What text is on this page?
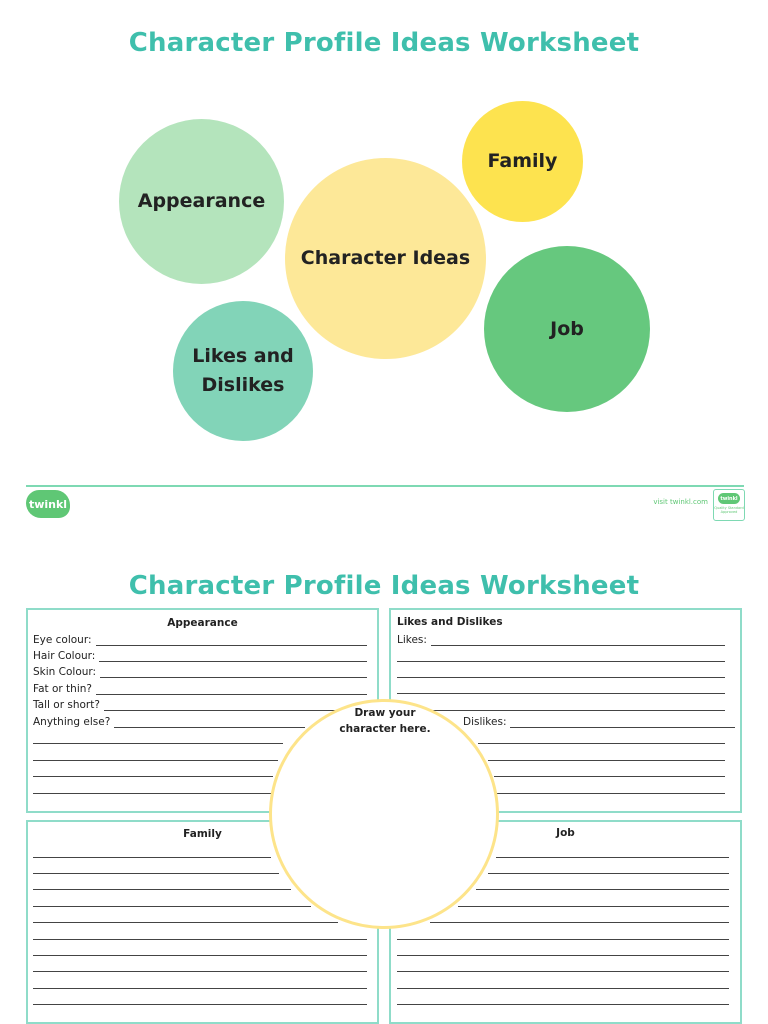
Character Profile Ideas Worksheet
Appearance
Family
Character Ideas
Job
Likes and
Dislikes
twinkl	visit twinkl.com	twinkl
Quality Standard Approved
Character Profile Ideas Worksheet
Appearance
Eye colour:
Hair Colour:
Skin Colour:
Fat or thin?
Tall or short?
Anything else?
Likes and Dislikes
Likes:
Dislikes:
Family	Job
Draw your
character here.
